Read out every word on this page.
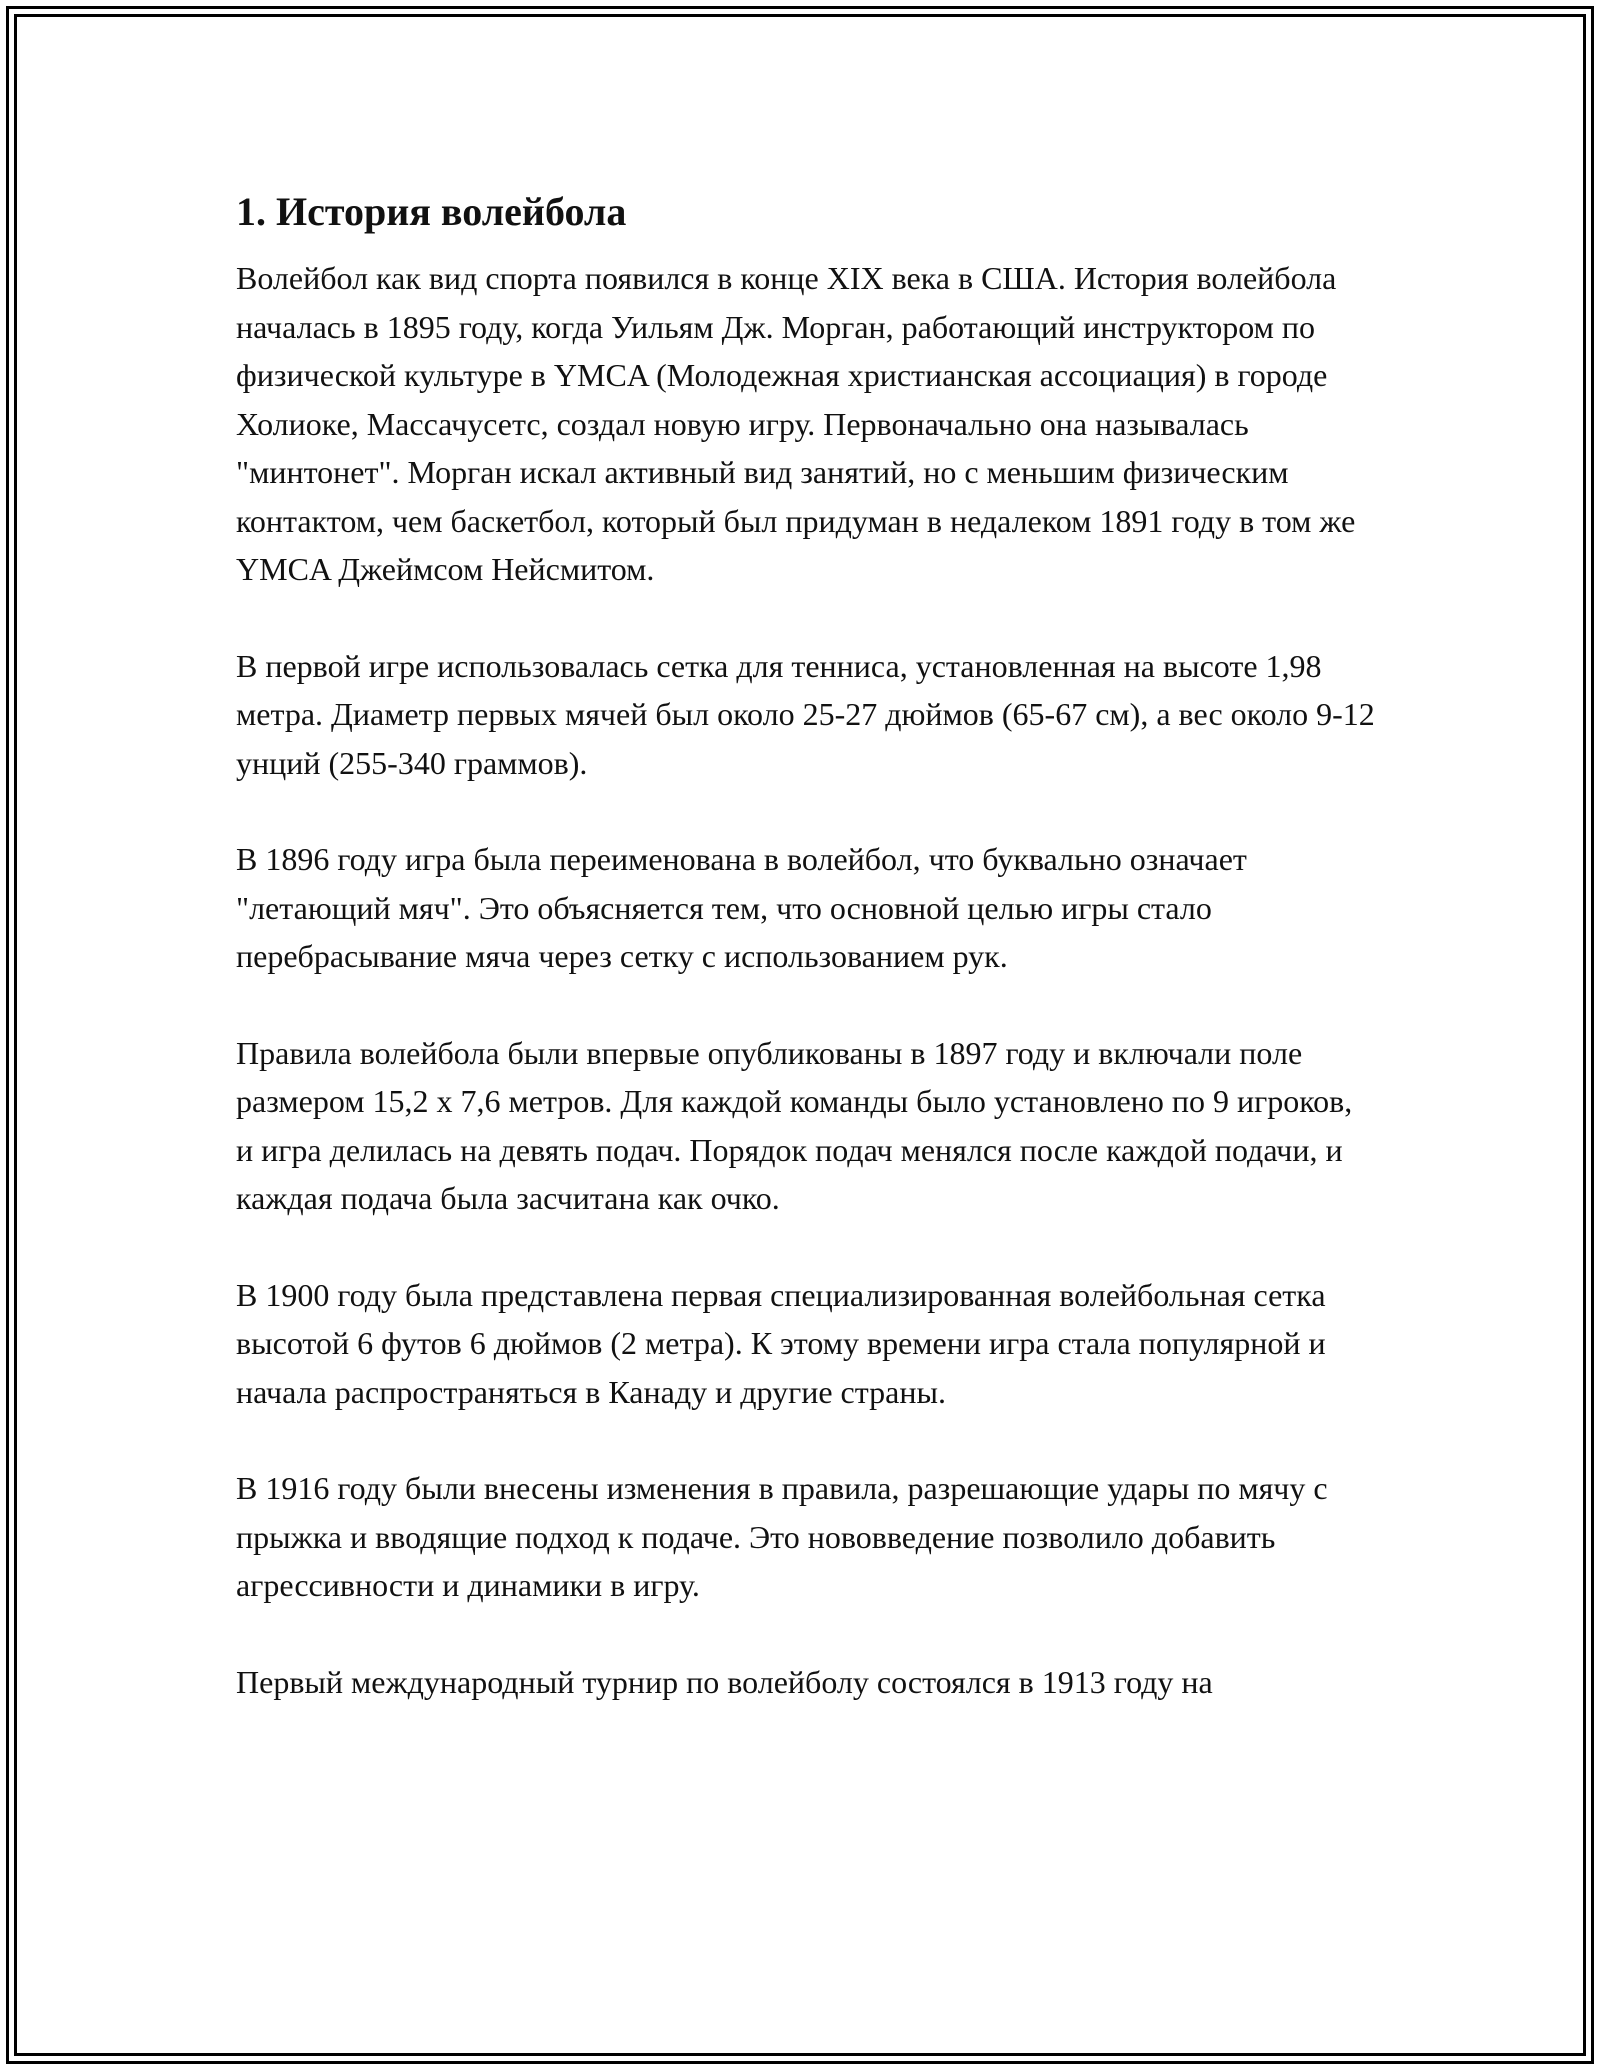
1. История волейбола

Волейбол как вид спорта появился в конце XIX века в США. История волейбола началась в 1895 году, когда Уильям Дж. Морган, работающий инструктором по физической культуре в YMCA (Молодежная христианская ассоциация) в городе Холиоке, Массачусетс, создал новую игру. Первоначально она называлась "минтонет". Морган искал активный вид занятий, но с меньшим физическим контактом, чем баскетбол, который был придуман в недалеком 1891 году в том же YMCA Джеймсом Нейсмитом.

В первой игре использовалась сетка для тенниса, установленная на высоте 1,98 метра. Диаметр первых мячей был около 25-27 дюймов (65-67 см), а вес около 9-12 унций (255-340 граммов).

В 1896 году игра была переименована в волейбол, что буквально означает "летающий мяч". Это объясняется тем, что основной целью игры стало перебрасывание мяча через сетку с использованием рук.

Правила волейбола были впервые опубликованы в 1897 году и включали поле размером 15,2 x 7,6 метров. Для каждой команды было установлено по 9 игроков, и игра делилась на девять подач. Порядок подач менялся после каждой подачи, и каждая подача была засчитана как очко.

В 1900 году была представлена первая специализированная волейбольная сетка высотой 6 футов 6 дюймов (2 метра). К этому времени игра стала популярной и начала распространяться в Канаду и другие страны.

В 1916 году были внесены изменения в правила, разрешающие удары по мячу с прыжка и вводящие подход к подаче. Это нововведение позволило добавить агрессивности и динамики в игру.

Первый международный турнир по волейболу состоялся в 1913 году на
